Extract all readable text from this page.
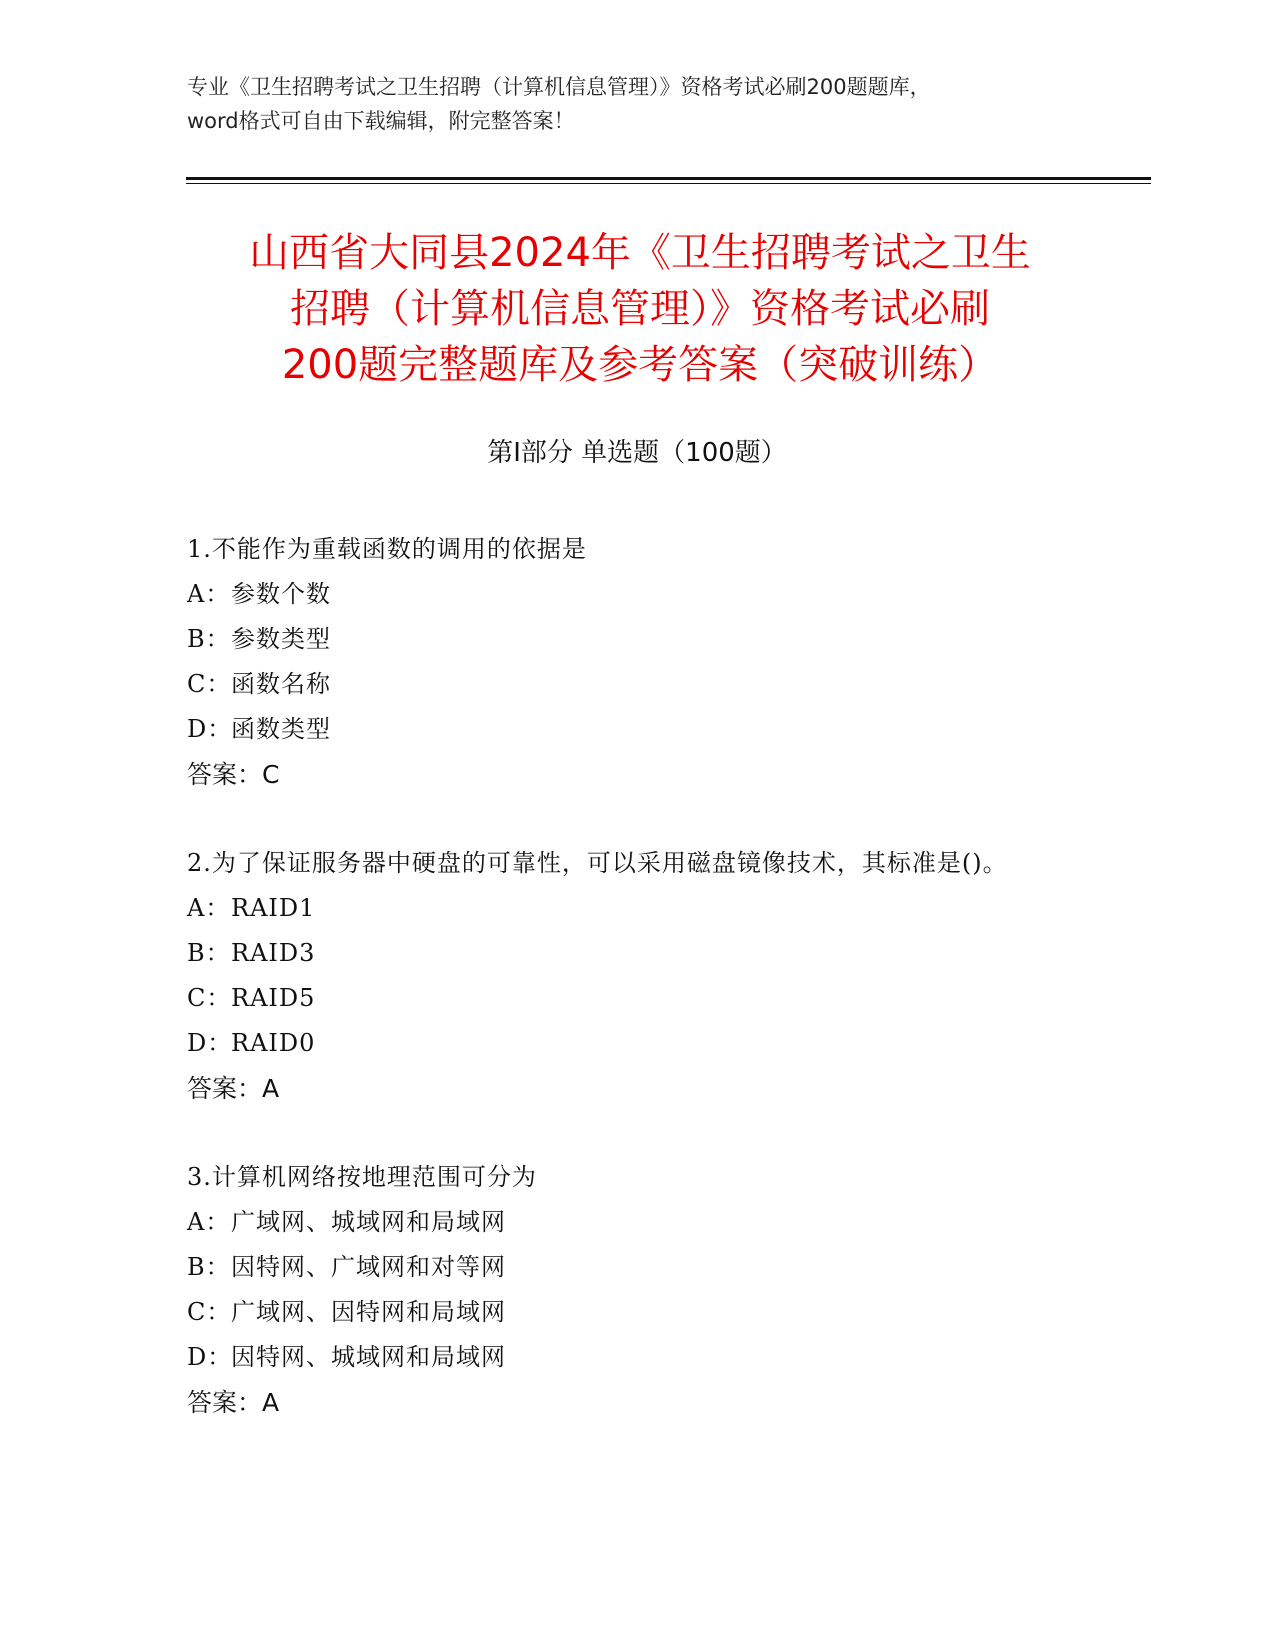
专业《卫生招聘考试之卫生招聘（计算机信息管理）》资格考试必刷200题题库，
word格式可自由下载编辑，附完整答案！
山西省大同县2024年《卫生招聘考试之卫生
招聘（计算机信息管理）》资格考试必刷
200题完整题库及参考答案（突破训练）
第I部分 单选题（100题）
1.不能作为重载函数的调用的依据是
A：参数个数
B：参数类型
C：函数名称
D：函数类型
答案：C
2.为了保证服务器中硬盘的可靠性，可以采用磁盘镜像技术，其标准是()。
A：RAID1
B：RAID3
C：RAID5
D：RAID0
答案：A
3.计算机网络按地理范围可分为
A：广域网、城域网和局域网
B：因特网、广域网和对等网
C：广域网、因特网和局域网
D：因特网、城域网和局域网
答案：A
